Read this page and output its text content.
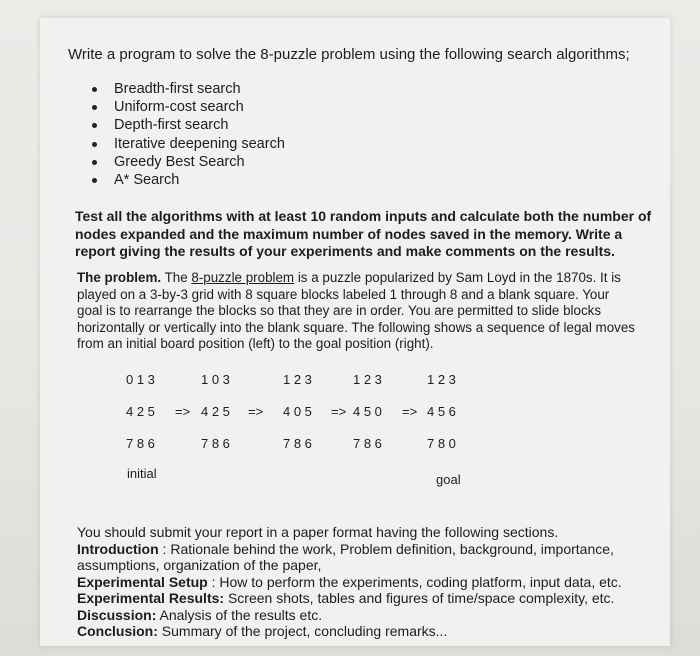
Write a program to solve the 8-puzzle problem using the following search algorithms;
Breadth-first search
Uniform-cost search
Depth-first search
Iterative deepening search
Greedy Best Search
A* Search
Test all the algorithms with at least 10 random inputs and calculate both the number of nodes expanded and the maximum number of nodes saved in the memory. Write a report giving the results of your experiments and make comments on the results.
The problem. The 8-puzzle problem is a puzzle popularized by Sam Loyd in the 1870s. It is
played on a 3-by-3 grid with 8 square blocks labeled 1 through 8 and a blank square. Your
goal is to rearrange the blocks so that they are in order. You are permitted to slide blocks
horizontally or vertically into the blank square. The following shows a sequence of legal moves
from an initial board position (left) to the goal position (right).
0 1 3	1 0 3	1 2 3	1 2 3	1 2 3
4 2 5 => 4 2 5 => 4 0 5 => 4 5 0 => 4 5 6
7 8 6	7 8 6	7 8 6	7 8 6	7 8 0
initial	goal
You should submit your report in a paper format having the following sections.
Introduction : Rationale behind the work, Problem definition, background, importance,
assumptions, organization of the paper,
Experimental Setup : How to perform the experiments, coding platform, input data, etc.
Experimental Results: Screen shots, tables and figures of time/space complexity, etc.
Discussion: Analysis of the results etc.
Conclusion: Summary of the project, concluding remarks...
